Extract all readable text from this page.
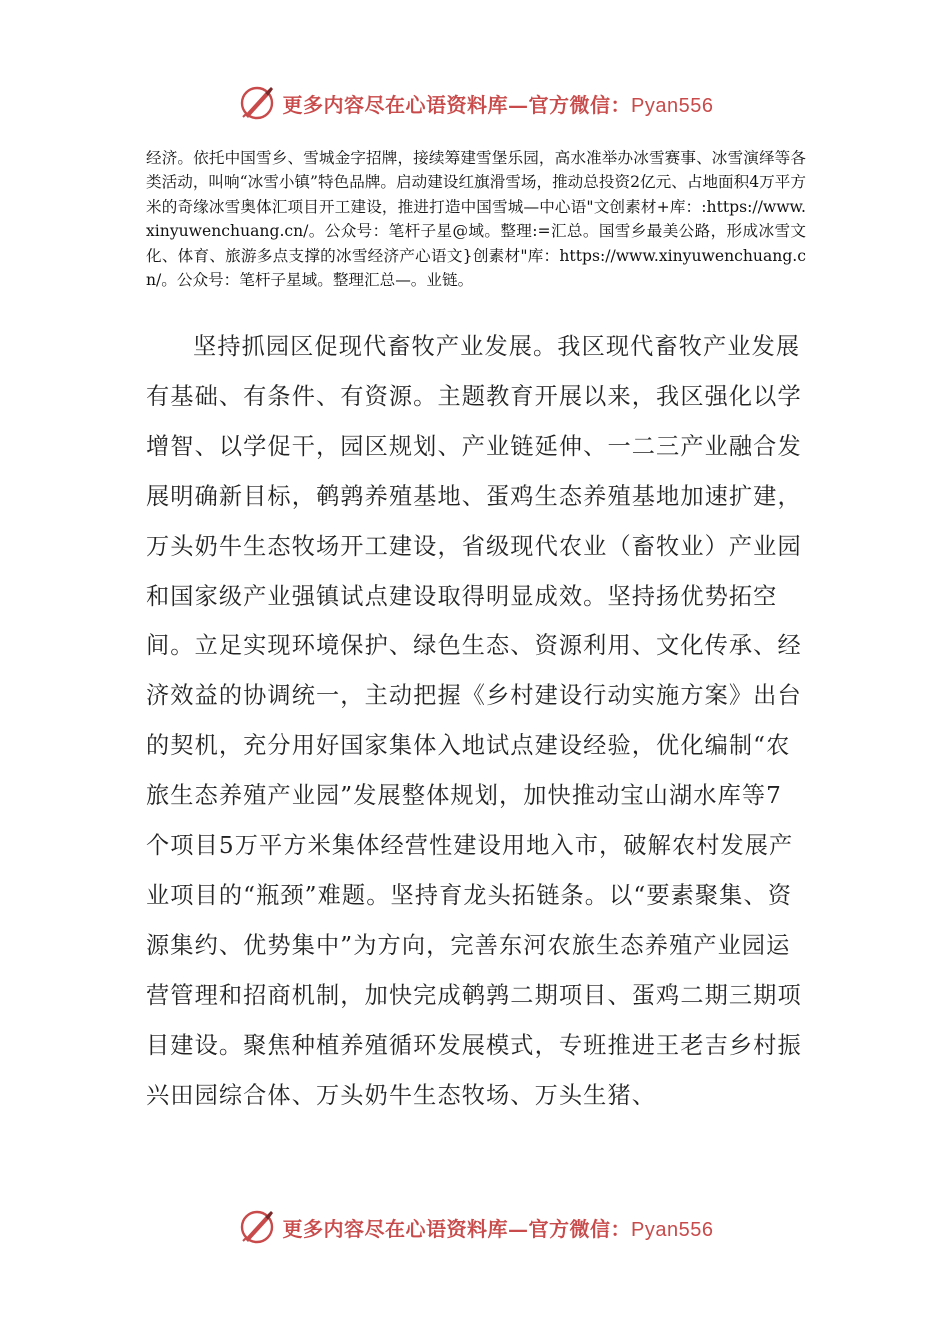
更多内容尽在心语资料库—官方微信：Pyan556

经济。依托中国雪乡、雪城金字招牌，接续筹建雪堡乐园，高水准举办冰雪赛事、冰雪演绎等各类活动，叫响“冰雪小镇”特色品牌。启动建设红旗滑雪场，推动总投资2亿元、占地面积4万平方米的奇缘冰雪奥体汇项目开工建设，推进打造中国雪城—中心语"文创素材+库：:https://www.xinyuwenchuang.cn/。公众号：笔杆子星@域。整理:=汇总。国雪乡最美公路，形成冰雪文化、体育、旅游多点支撑的冰雪经济产心语文}创素材"库：https://www.xinyuwenchuang.cn/。公众号：笔杆子星域。整理汇总—。业链。

坚持抓园区促现代畜牧产业发展。我区现代畜牧产业发展有基础、有条件、有资源。主题教育开展以来，我区强化以学增智、以学促干，园区规划、产业链延伸、一二三产业融合发展明确新目标，鹌鹑养殖基地、蛋鸡生态养殖基地加速扩建，万头奶牛生态牧场开工建设，省级现代农业（畜牧业）产业园和国家级产业强镇试点建设取得明显成效。坚持扬优势拓空间。立足实现环境保护、绿色生态、资源利用、文化传承、经济效益的协调统一，主动把握《乡村建设行动实施方案》出台的契机，充分用好国家集体入地试点建设经验，优化编制“农旅生态养殖产业园”发展整体规划，加快推动宝山湖水库等7个项目5万平方米集体经营性建设用地入市，破解农村发展产业项目的“瓶颈”难题。坚持育龙头拓链条。以“要素聚集、资源集约、优势集中”为方向，完善东河农旅生态养殖产业园运营管理和招商机制，加快完成鹌鹑二期项目、蛋鸡二期三期项目建设。聚焦种植养殖循环发展模式，专班推进王老吉乡村振兴田园综合体、万头奶牛生态牧场、万头生猪、

更多内容尽在心语资料库—官方微信：Pyan556
